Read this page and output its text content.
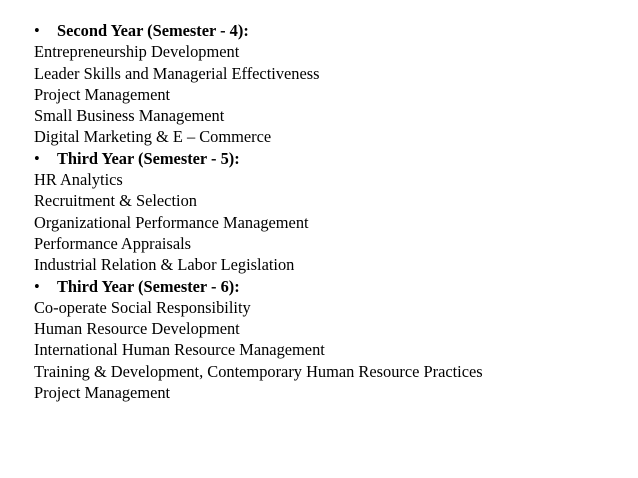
•	Second Year (Semester - 4):
Entrepreneurship Development
Leader Skills and Managerial Effectiveness
Project Management
Small Business Management
Digital Marketing & E – Commerce
•	Third Year (Semester - 5):
HR Analytics
Recruitment & Selection
Organizational Performance Management
Performance Appraisals
Industrial Relation & Labor Legislation
•	Third Year (Semester - 6):
Co-operate Social Responsibility
Human Resource Development
International Human Resource Management
Training & Development, Contemporary Human Resource Practices
Project Management
